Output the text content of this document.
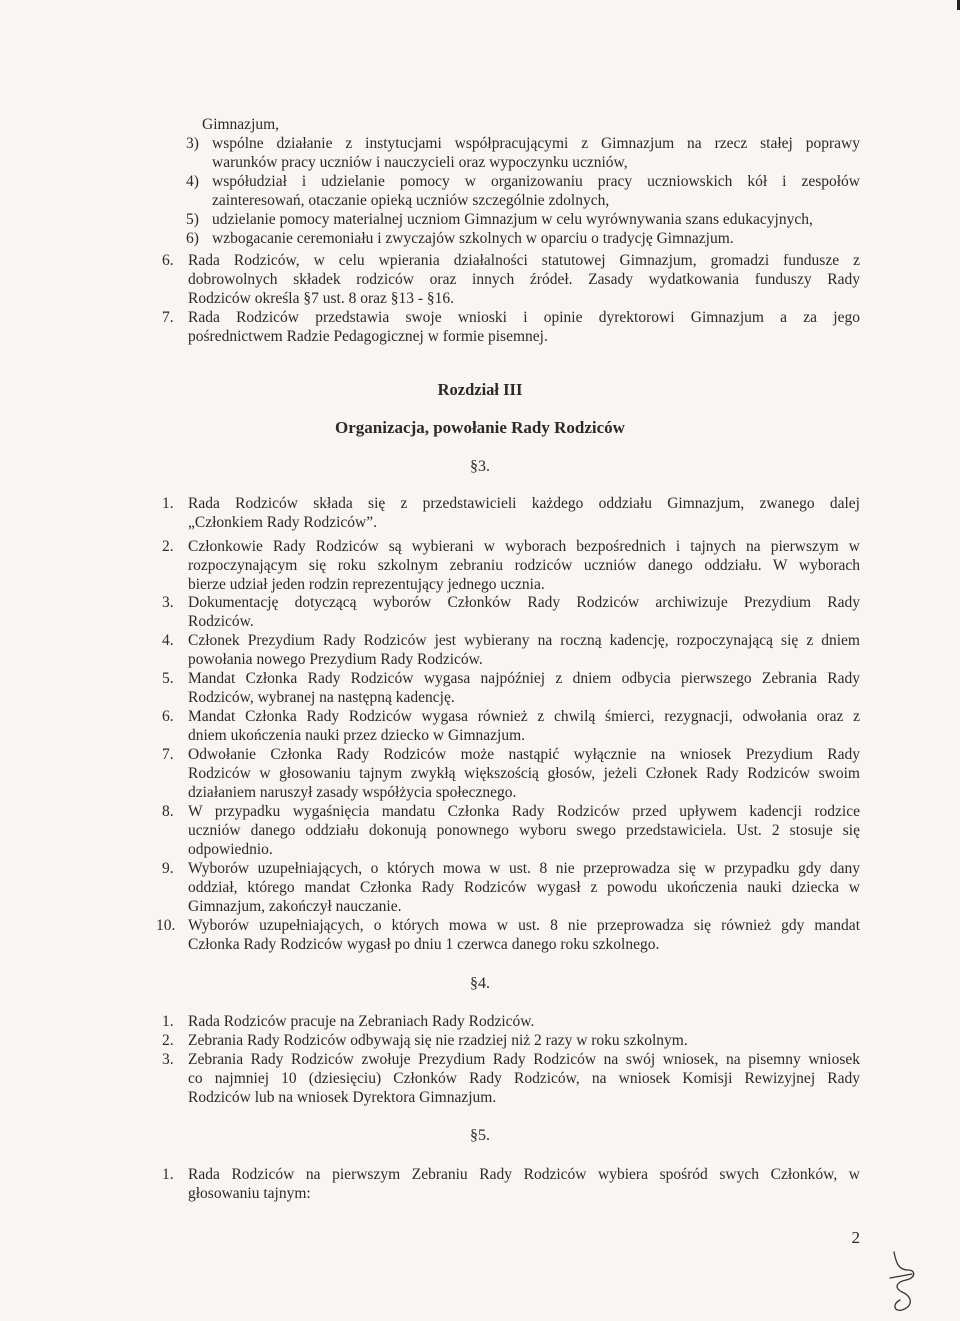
Gimnazjum,
3) wspólne działanie z instytucjami współpracującymi z Gimnazjum na rzecz stałej poprawy
warunków pracy uczniów i nauczycieli oraz wypoczynku uczniów,
4) współudział i udzielanie pomocy w organizowaniu pracy uczniowskich kół i zespołów
zainteresowań, otaczanie opieką uczniów szczególnie zdolnych,
5) udzielanie pomocy materialnej uczniom Gimnazjum w celu wyrównywania szans edukacyjnych,
6) wzbogacanie ceremoniału i zwyczajów szkolnych w oparciu o tradycję Gimnazjum.
6. Rada Rodziców, w celu wpierania działalności statutowej Gimnazjum, gromadzi fundusze z
dobrowolnych składek rodziców oraz innych źródeł. Zasady wydatkowania funduszy Rady
Rodziców określa §7 ust. 8 oraz §13 - §16.
7. Rada Rodziców przedstawia swoje wnioski i opinie dyrektorowi Gimnazjum a za jego
pośrednictwem Radzie Pedagogicznej w formie pisemnej.
Rozdział III
Organizacja, powołanie Rady Rodziców
§3.
1. Rada Rodziców składa się z przedstawicieli każdego oddziału Gimnazjum, zwanego dalej
„Członkiem Rady Rodziców”.
2. Członkowie Rady Rodziców są wybierani w wyborach bezpośrednich i tajnych na pierwszym w
rozpoczynającym się roku szkolnym zebraniu rodziców uczniów danego oddziału. W wyborach
bierze udział jeden rodzin reprezentujący jednego ucznia.
3. Dokumentację dotyczącą wyborów Członków Rady Rodziców archiwizuje Prezydium Rady
Rodziców.
4. Członek Prezydium Rady Rodziców jest wybierany na roczną kadencję, rozpoczynającą się z dniem
powołania nowego Prezydium Rady Rodziców.
5. Mandat Członka Rady Rodziców wygasa najpóźniej z dniem odbycia pierwszego Zebrania Rady
Rodziców, wybranej na następną kadencję.
6. Mandat Członka Rady Rodziców wygasa również z chwilą śmierci, rezygnacji, odwołania oraz z
dniem ukończenia nauki przez dziecko w Gimnazjum.
7. Odwołanie Członka Rady Rodziców może nastąpić wyłącznie na wniosek Prezydium Rady
Rodziców w głosowaniu tajnym zwykłą większością głosów, jeżeli Członek Rady Rodziców swoim
działaniem naruszył zasady współżycia społecznego.
8. W przypadku wygaśnięcia mandatu Członka Rady Rodziców przed upływem kadencji rodzice
uczniów danego oddziału dokonują ponownego wyboru swego przedstawiciela. Ust. 2 stosuje się
odpowiednio.
9. Wyborów uzupełniających, o których mowa w ust. 8 nie przeprowadza się w przypadku gdy dany
oddział, którego mandat Członka Rady Rodziców wygasł z powodu ukończenia nauki dziecka w
Gimnazjum, zakończył nauczanie.
10. Wyborów uzupełniających, o których mowa w ust. 8 nie przeprowadza się również gdy mandat
Członka Rady Rodziców wygasł po dniu 1 czerwca danego roku szkolnego.
§4.
1. Rada Rodziców pracuje na Zebraniach Rady Rodziców.
2. Zebrania Rady Rodziców odbywają się nie rzadziej niż 2 razy w roku szkolnym.
3. Zebrania Rady Rodziców zwołuje Prezydium Rady Rodziców na swój wniosek, na pisemny wniosek
co najmniej 10 (dziesięciu) Członków Rady Rodziców, na wniosek Komisji Rewizyjnej Rady
Rodziców lub na wniosek Dyrektora Gimnazjum.
§5.
1. Rada Rodziców na pierwszym Zebraniu Rady Rodziców wybiera spośród swych Członków, w
głosowaniu tajnym:
2
